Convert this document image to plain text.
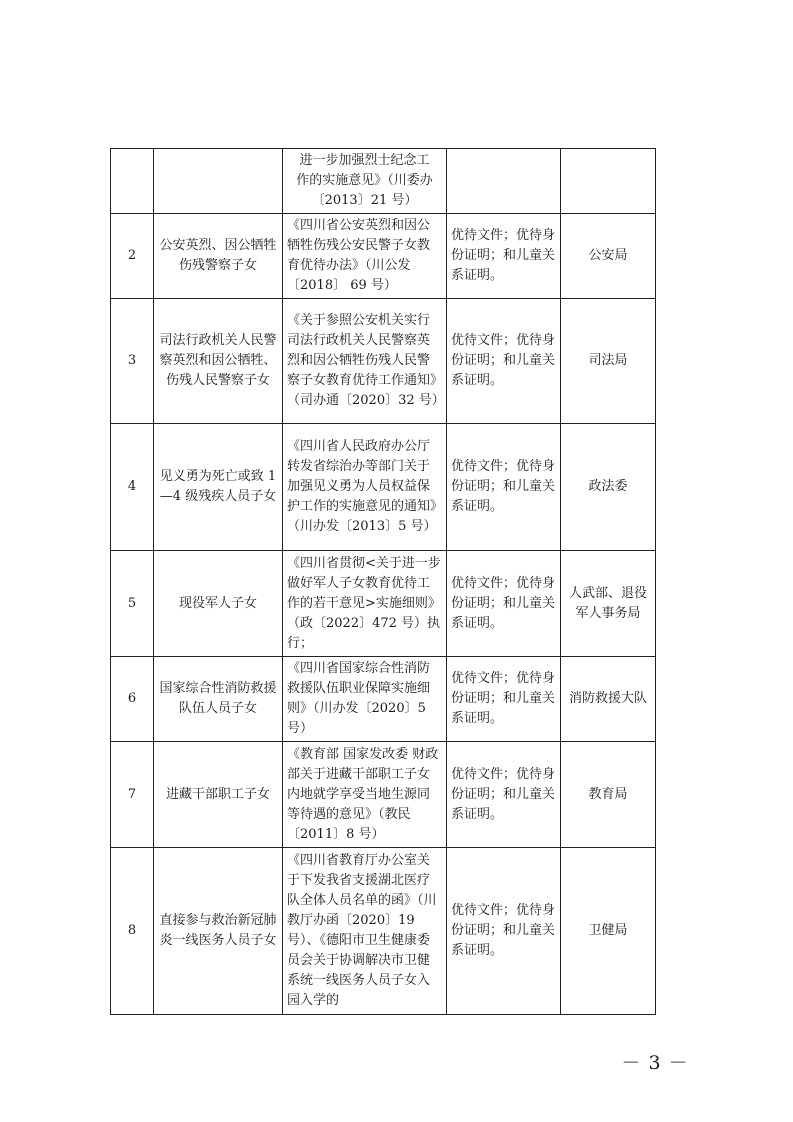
		进一步加强烈士纪念工
作的实施意见》（川委办
〔2013〕21 号）		

2	公安英烈、因公牺牲伤残警察子女	《四川省公安英烈和因公牺牲伤残公安民警子女教育优待办法》（川公发〔2018〕 69 号）	优待文件；优待身份证明；和儿童关系证明。	公安局
3	司法行政机关人民警察英烈和因公牺牲、伤残人民警察子女	《关于参照公安机关实行司法行政机关人民警察英烈和因公牺牲伤残人民警察子女教育优待工作通知》（司办通〔2020〕32 号）	优待文件；优待身份证明；和儿童关系证明。	司法局
4	见义勇为死亡或致 1—4 级残疾人员子女	《四川省人民政府办公厅转发省综治办等部门关于加强见义勇为人员权益保护工作的实施意见的通知》（川办发〔2013〕5 号）	优待文件；优待身份证明；和儿童关系证明。	政法委
5	现役军人子女	《四川省贯彻<关于进一步做好军人子女教育优待工作的若干意见>实施细则》 （政〔2022〕472 号）执行；	优待文件；优待身份证明；和儿童关系证明。	人武部、退役军人事务局
6	国家综合性消防救援队伍人员子女	《四川省国家综合性消防救援队伍职业保障实施细则》（川办发〔2020〕5 号）	优待文件；优待身份证明；和儿童关系证明。	消防救援大队
7	进藏干部职工子女	《教育部 国家发改委 财政部关于进藏干部职工子女内地就学享受当地生源同等待遇的意见》（教民〔2011〕8 号）	优待文件；优待身份证明；和儿童关系证明。	教育局
8	直接参与救治新冠肺炎一线医务人员子女	《四川省教育厅办公室关于下发我省支援湖北医疗队全体人员名单的函》（川教厅办函〔2020〕19 号）、《德阳市卫生健康委员会关于协调解决市卫健系统一线医务人员子女入园入学的	优待文件；优待身份证明；和儿童关系证明。	卫健局
－ 3 －
